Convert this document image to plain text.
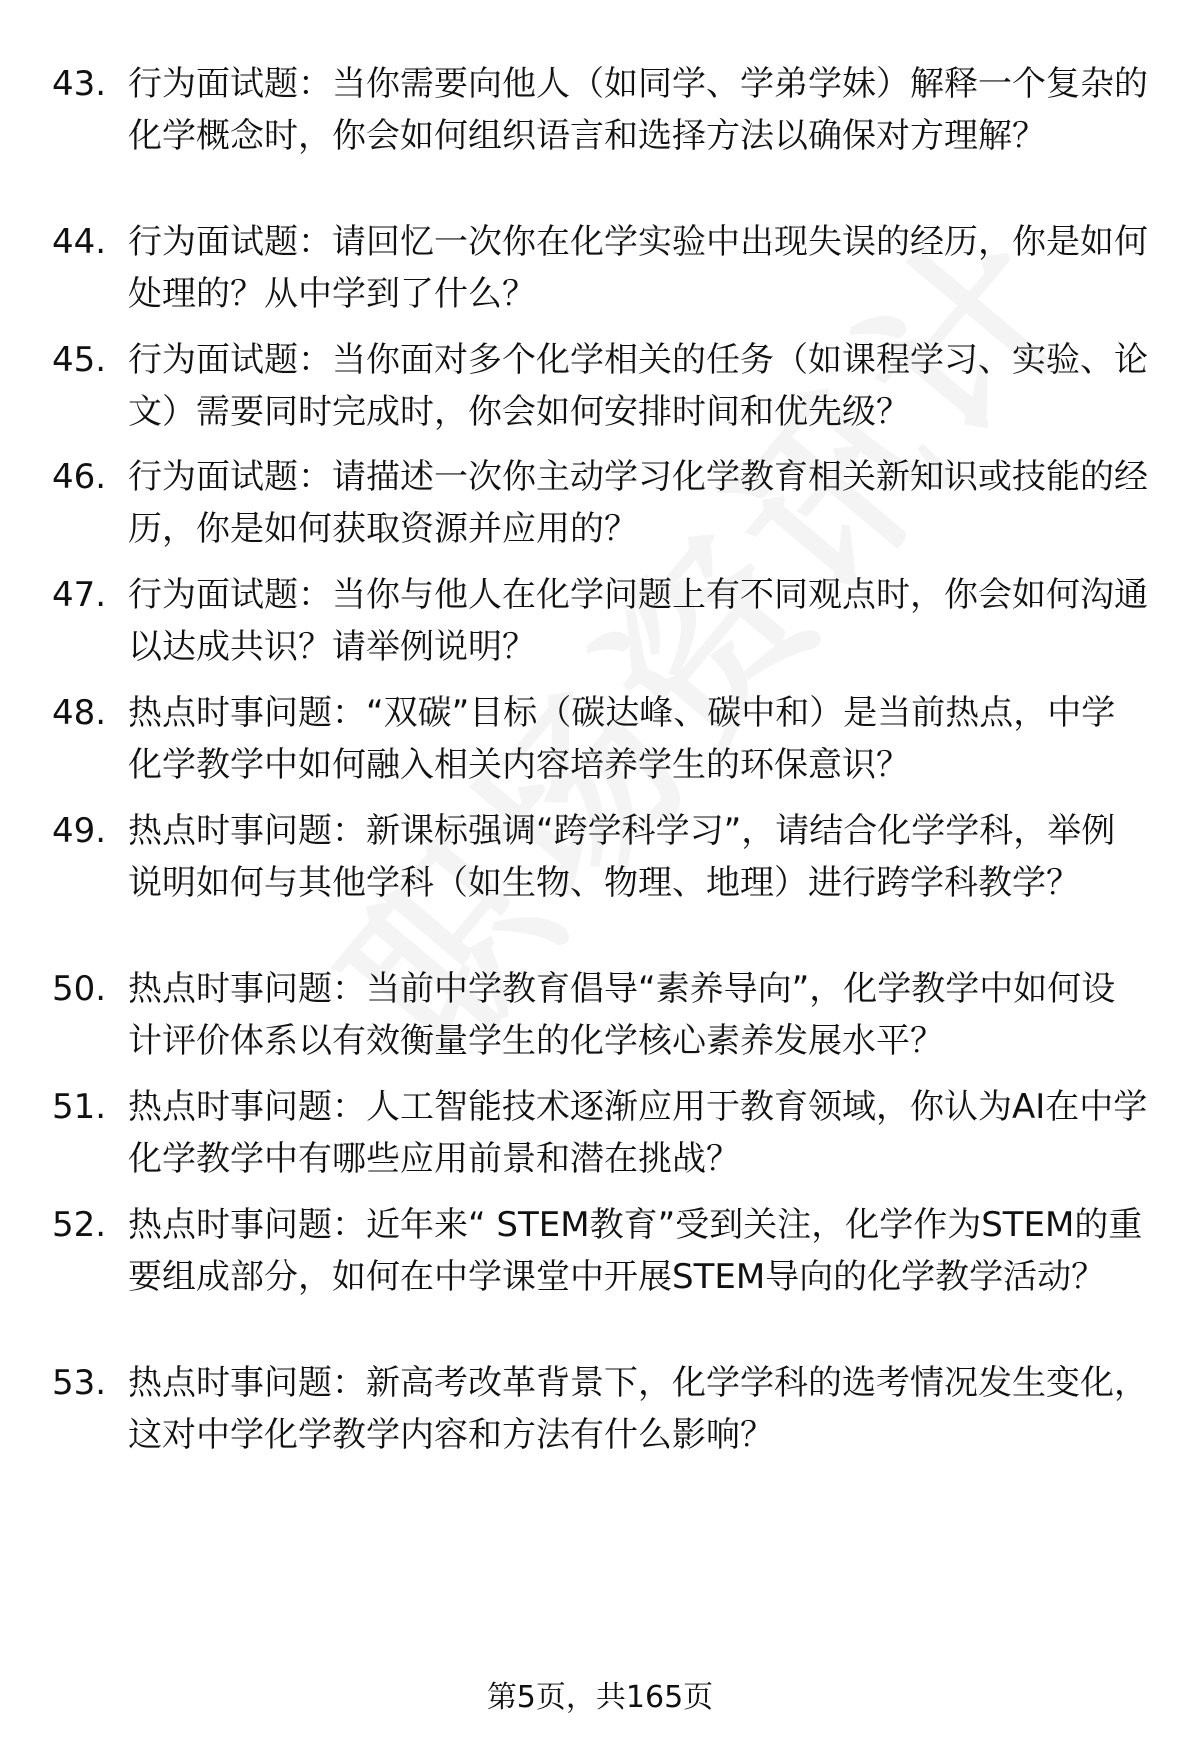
43. 行为面试题：当你需要向他人（如同学、学弟学妹）解释一个复杂的化学概念时，你会如何组织语言和选择方法以确保对方理解？
44. 行为面试题：请回忆一次你在化学实验中出现失误的经历，你是如何处理的？从中学到了什么？
45. 行为面试题：当你面对多个化学相关的任务（如课程学习、实验、论文）需要同时完成时，你会如何安排时间和优先级？
46. 行为面试题：请描述一次你主动学习化学教育相关新知识或技能的经历，你是如何获取资源并应用的？
47. 行为面试题：当你与他人在化学问题上有不同观点时，你会如何沟通以达成共识？请举例说明？
48. 热点时事问题：“双碳”目标（碳达峰、碳中和）是当前热点，中学化学教学中如何融入相关内容培养学生的环保意识？
49. 热点时事问题：新课标强调“跨学科学习”，请结合化学学科，举例说明如何与其他学科（如生物、物理、地理）进行跨学科教学？
50. 热点时事问题：当前中学教育倡导“素养导向”，化学教学中如何设计评价体系以有效衡量学生的化学核心素养发展水平？
51. 热点时事问题：人工智能技术逐渐应用于教育领域，你认为AI在中学化学教学中有哪些应用前景和潜在挑战？
52. 热点时事问题：近年来“ STEM教育”受到关注，化学作为STEM的重要组成部分，如何在中学课堂中开展STEM导向的化学教学活动？
53. 热点时事问题：新高考改革背景下，化学学科的选考情况发生变化，这对中学化学教学内容和方法有什么影响？
第5页，共165页
